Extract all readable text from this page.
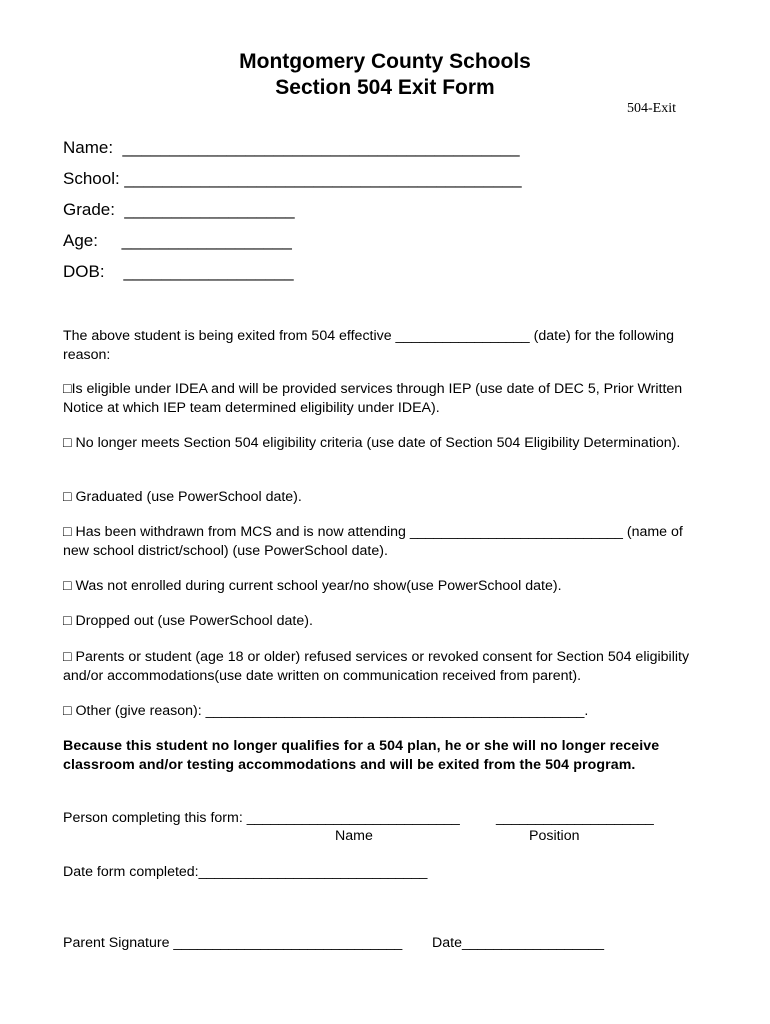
Montgomery County Schools
Section 504 Exit Form
504-Exit
Name:  __________________________________________
School: __________________________________________
Grade:  __________________
Age:     __________________
DOB:    __________________
The above student is being exited from 504 effective _________________ (date) for the following reason:
□Is eligible under IDEA and will be provided services through IEP (use date of DEC 5, Prior Written Notice at which IEP team determined eligibility under IDEA).
□ No longer meets Section 504 eligibility criteria (use date of Section 504 Eligibility Determination).
□ Graduated (use PowerSchool date).
□ Has been withdrawn from MCS and is now attending ___________________________ (name of new school district/school) (use PowerSchool date).
□ Was not enrolled during current school year/no show(use PowerSchool date).
□ Dropped out (use PowerSchool date).
□ Parents or student (age 18 or older) refused services or revoked consent for Section 504 eligibility and/or accommodations(use date written on communication received from parent).
□ Other (give reason): ________________________________________________.
Because this student no longer qualifies for a 504 plan, he or she will no longer receive classroom and/or testing accommodations and will be exited from the 504 program.
Person completing this form: ___________________________	____________________
Name	Position
Date form completed:_____________________________
Parent Signature _____________________________ Date__________________
